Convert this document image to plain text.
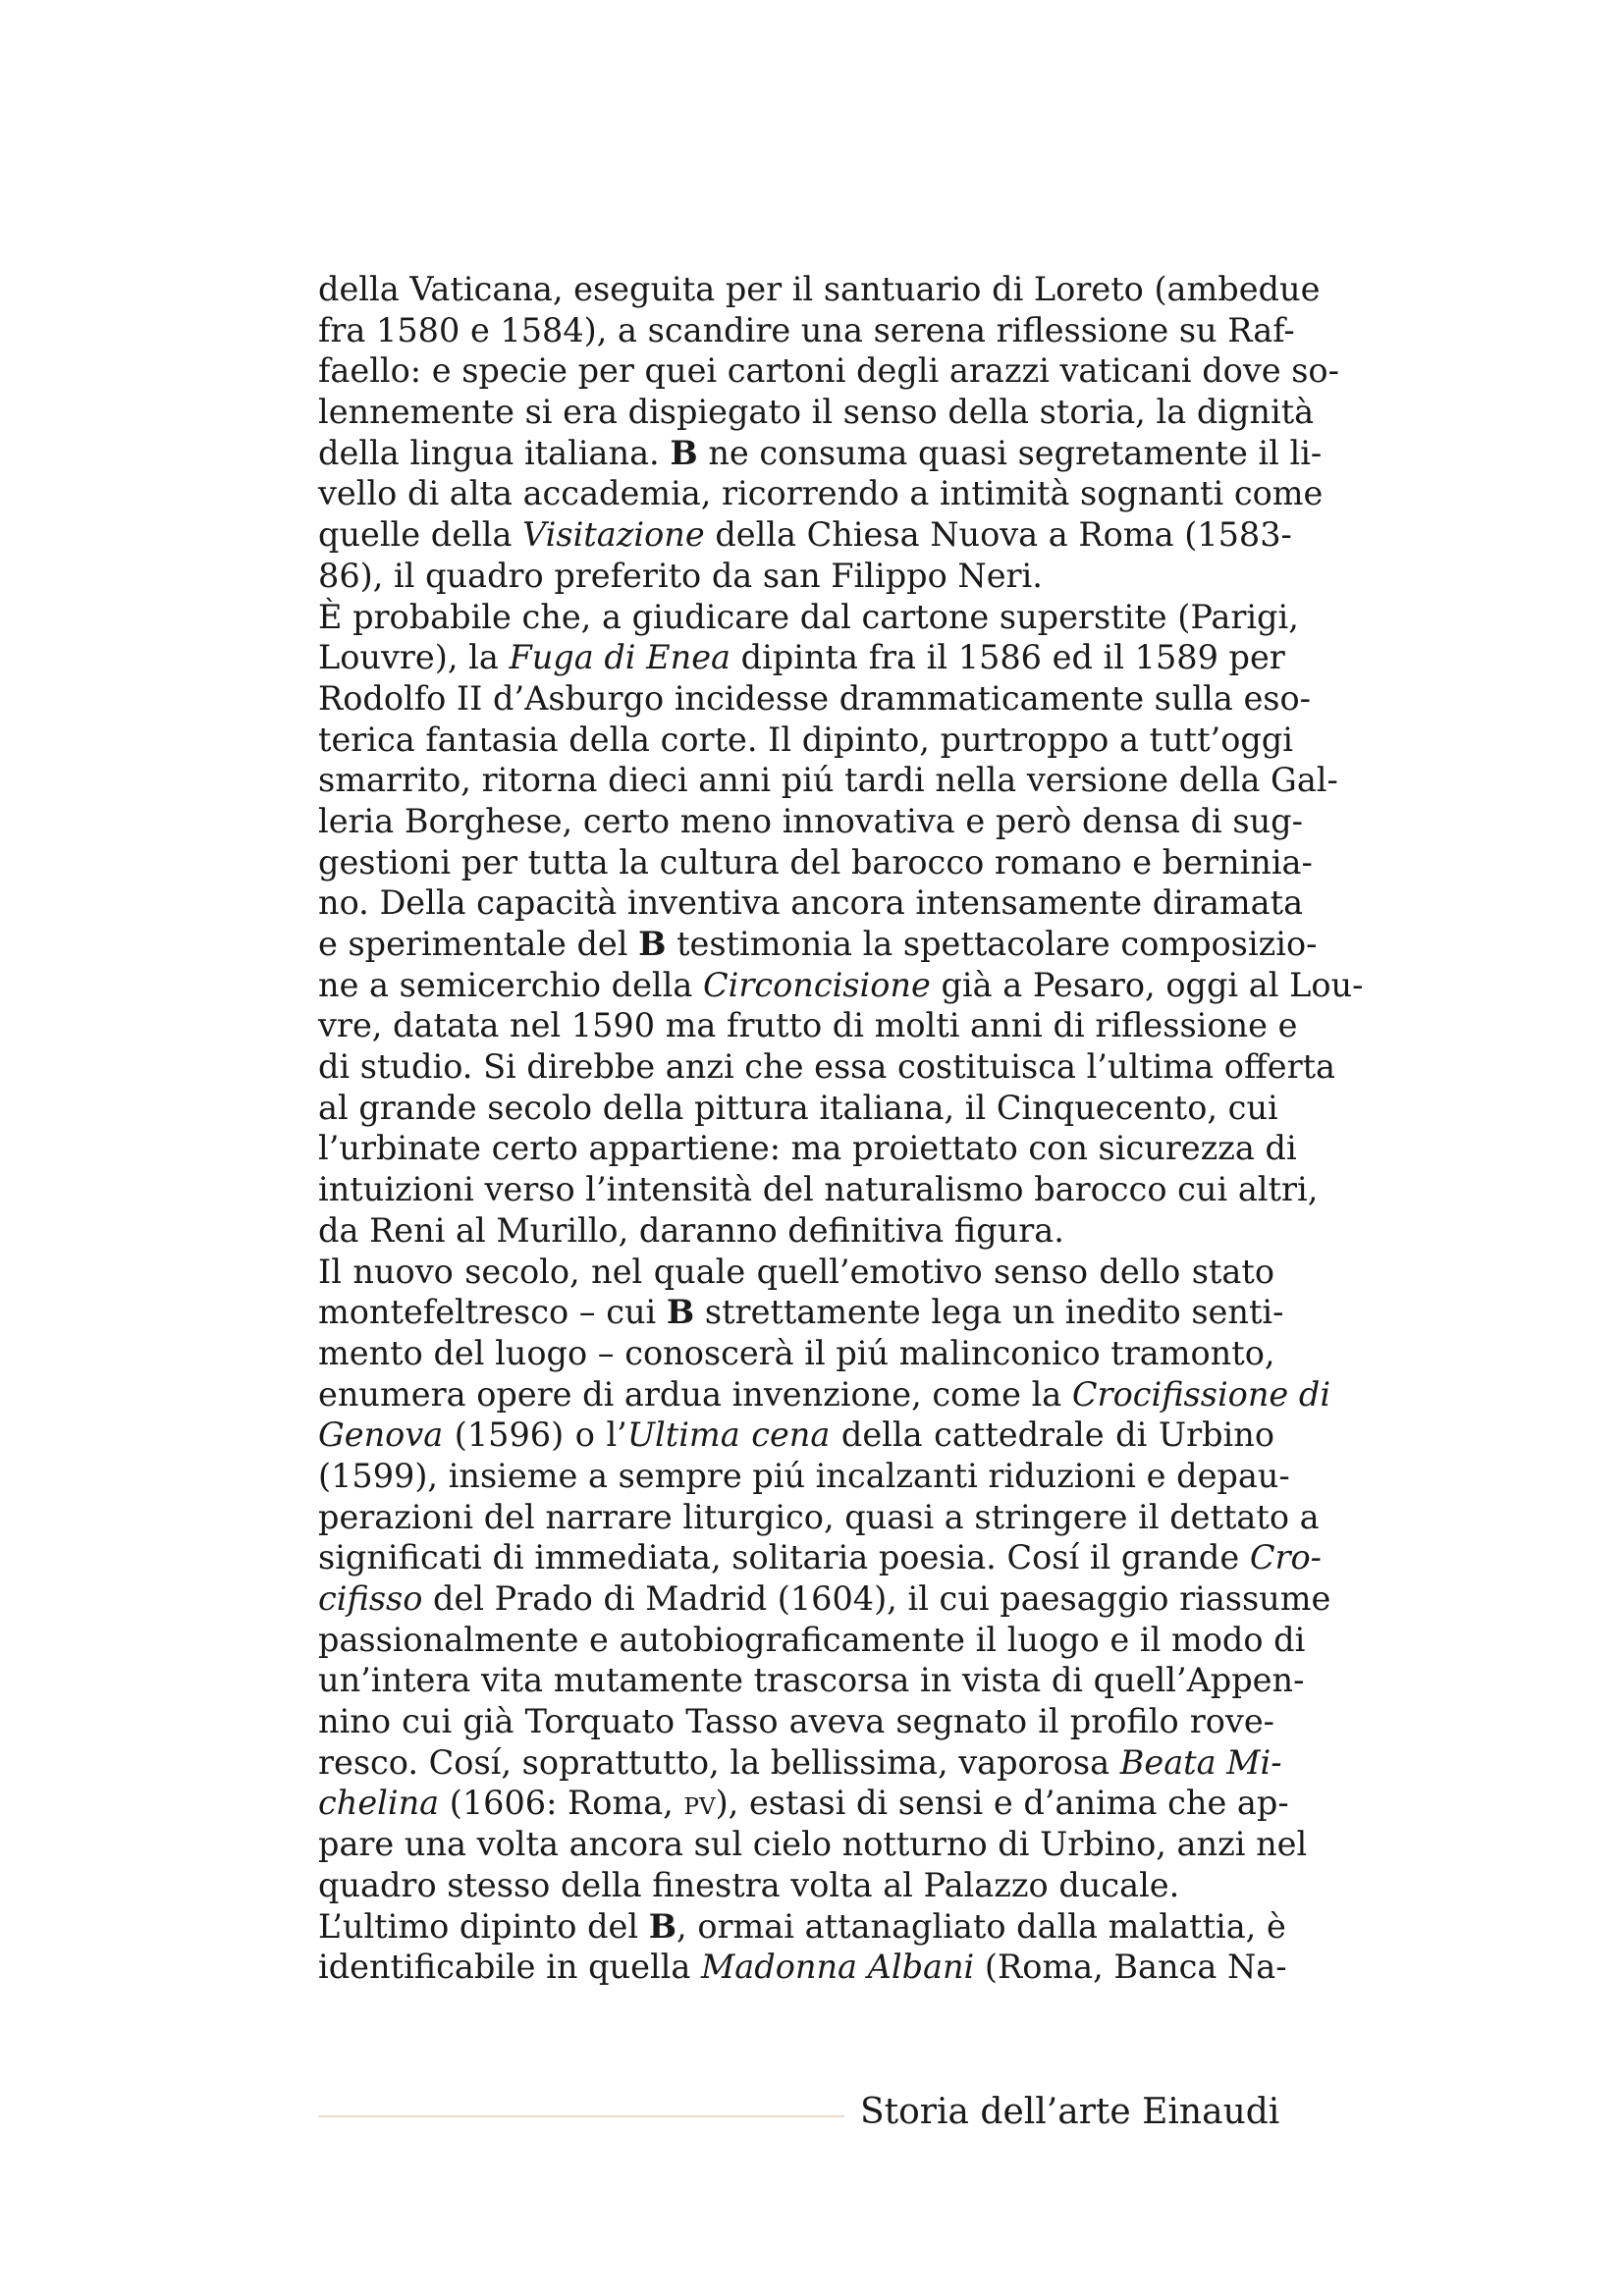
della Vaticana, eseguita per il santuario di Loreto (ambedue
fra 1580 e 1584), a scandire una serena riflessione su Raf-
faello: e specie per quei cartoni degli arazzi vaticani dove so-
lennemente si era dispiegato il senso della storia, la dignità
della lingua italiana. B ne consuma quasi segretamente il li-
vello di alta accademia, ricorrendo a intimità sognanti come
quelle della Visitazione della Chiesa Nuova a Roma (1583-
86), il quadro preferito da san Filippo Neri.
È probabile che, a giudicare dal cartone superstite (Parigi,
Louvre), la Fuga di Enea dipinta fra il 1586 ed il 1589 per
Rodolfo II d’Asburgo incidesse drammaticamente sulla eso-
terica fantasia della corte. Il dipinto, purtroppo a tutt’oggi
smarrito, ritorna dieci anni piú tardi nella versione della Gal-
leria Borghese, certo meno innovativa e però densa di sug-
gestioni per tutta la cultura del barocco romano e berninia-
no. Della capacità inventiva ancora intensamente diramata
e sperimentale del B testimonia la spettacolare composizio-
ne a semicerchio della Circoncisione già a Pesaro, oggi al Lou-
vre, datata nel 1590 ma frutto di molti anni di riflessione e
di studio. Si direbbe anzi che essa costituisca l’ultima offerta
al grande secolo della pittura italiana, il Cinquecento, cui
l’urbinate certo appartiene: ma proiettato con sicurezza di
intuizioni verso l’intensità del naturalismo barocco cui altri,
da Reni al Murillo, daranno definitiva figura.
Il nuovo secolo, nel quale quell’emotivo senso dello stato
montefeltresco – cui B strettamente lega un inedito senti-
mento del luogo – conoscerà il piú malinconico tramonto,
enumera opere di ardua invenzione, come la Crocifissione di
Genova (1596) o l’Ultima cena della cattedrale di Urbino
(1599), insieme a sempre piú incalzanti riduzioni e depau-
perazioni del narrare liturgico, quasi a stringere il dettato a
significati di immediata, solitaria poesia. Cosí il grande Cro-
cifisso del Prado di Madrid (1604), il cui paesaggio riassume
passionalmente e autobiograficamente il luogo e il modo di
un’intera vita mutamente trascorsa in vista di quell’Appen-
nino cui già Torquato Tasso aveva segnato il profilo rove-
resco. Cosí, soprattutto, la bellissima, vaporosa Beata Mi-
chelina (1606: Roma, pv), estasi di sensi e d’anima che ap-
pare una volta ancora sul cielo notturno di Urbino, anzi nel
quadro stesso della finestra volta al Palazzo ducale.
L’ultimo dipinto del B, ormai attanagliato dalla malattia, è
identificabile in quella Madonna Albani (Roma, Banca Na-
Storia dell’arte Einaudi
